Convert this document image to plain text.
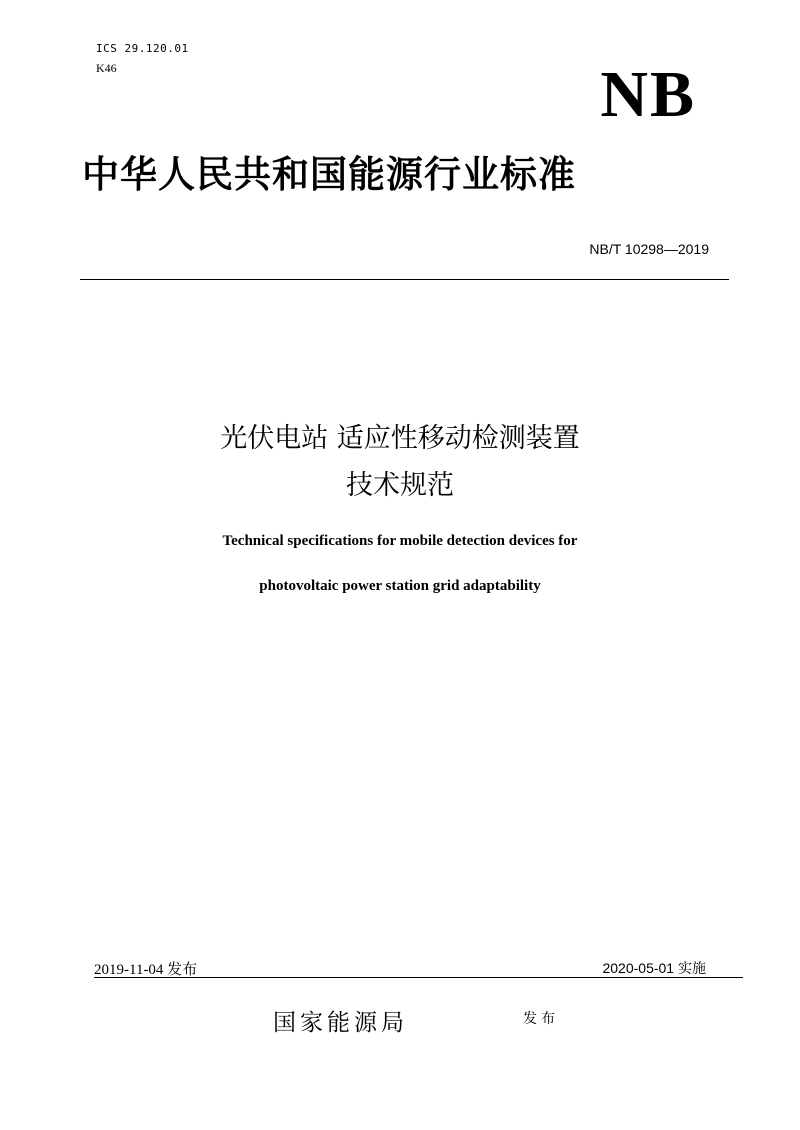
ICS 29.120.01
K46	NB
中华人民共和国能源行业标准
NB/T 10298—2019
光伏电站 适应性移动检测装置
技术规范
Technical specifications for mobile detection devices for
photovoltaic power station grid adaptability
2019-11-04 发布	2020-05-01 实施
国家能源局	发布
